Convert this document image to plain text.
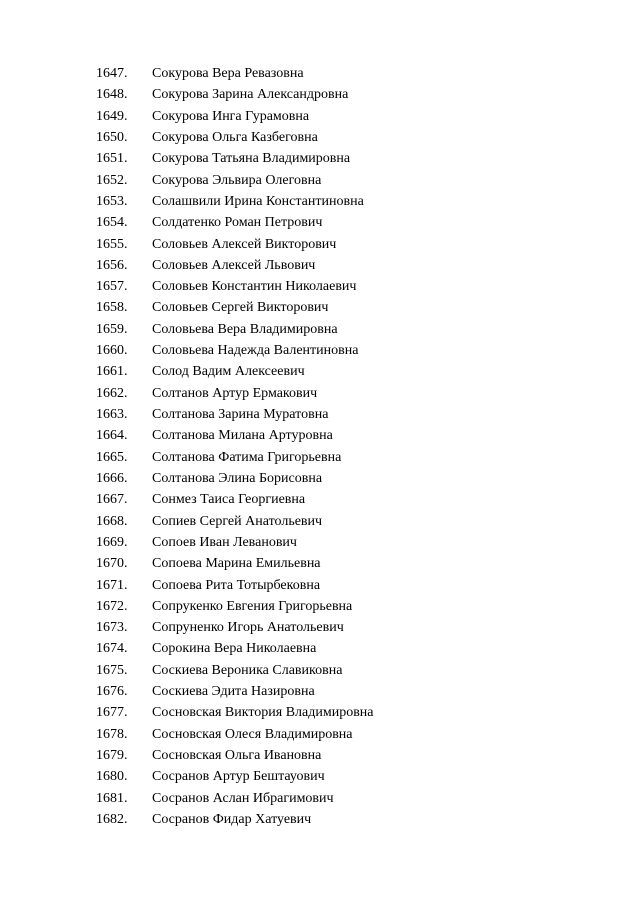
1647.	Сокурова Вера Ревазовна
1648.	Сокурова Зарина Александровна
1649.	Сокурова Инга Гурамовна
1650.	Сокурова Ольга Казбеговна
1651.	Сокурова Татьяна Владимировна
1652.	Сокурова Эльвира Олеговна
1653.	Солашвили Ирина Константиновна
1654.	Солдатенко Роман Петрович
1655.	Соловьев Алексей Викторович
1656.	Соловьев Алексей Львович
1657.	Соловьев Константин Николаевич
1658.	Соловьев Сергей Викторович
1659.	Соловьева Вера Владимировна
1660.	Соловьева Надежда Валентиновна
1661.	Солод Вадим Алексеевич
1662.	Солтанов Артур Ермакович
1663.	Солтанова Зарина Муратовна
1664.	Солтанова Милана Артуровна
1665.	Солтанова Фатима Григорьевна
1666.	Солтанова Элина Борисовна
1667.	Сонмез Таиса Георгиевна
1668.	Сопиев Сергей Анатольевич
1669.	Сопоев Иван Леванович
1670.	Сопоева Марина Емильевна
1671.	Сопоева Рита Тотырбековна
1672.	Сопрукенко Евгения Григорьевна
1673.	Сопруненко Игорь Анатольевич
1674.	Сорокина Вера Николаевна
1675.	Соскиева Вероника Славиковна
1676.	Соскиева Эдита Назировна
1677.	Сосновская Виктория Владимировна
1678.	Сосновская Олеся Владимировна
1679.	Сосновская Ольга Ивановна
1680.	Сосранов Артур Бештауович
1681.	Сосранов Аслан Ибрагимович
1682.	Сосранов Фидар Хатуевич
